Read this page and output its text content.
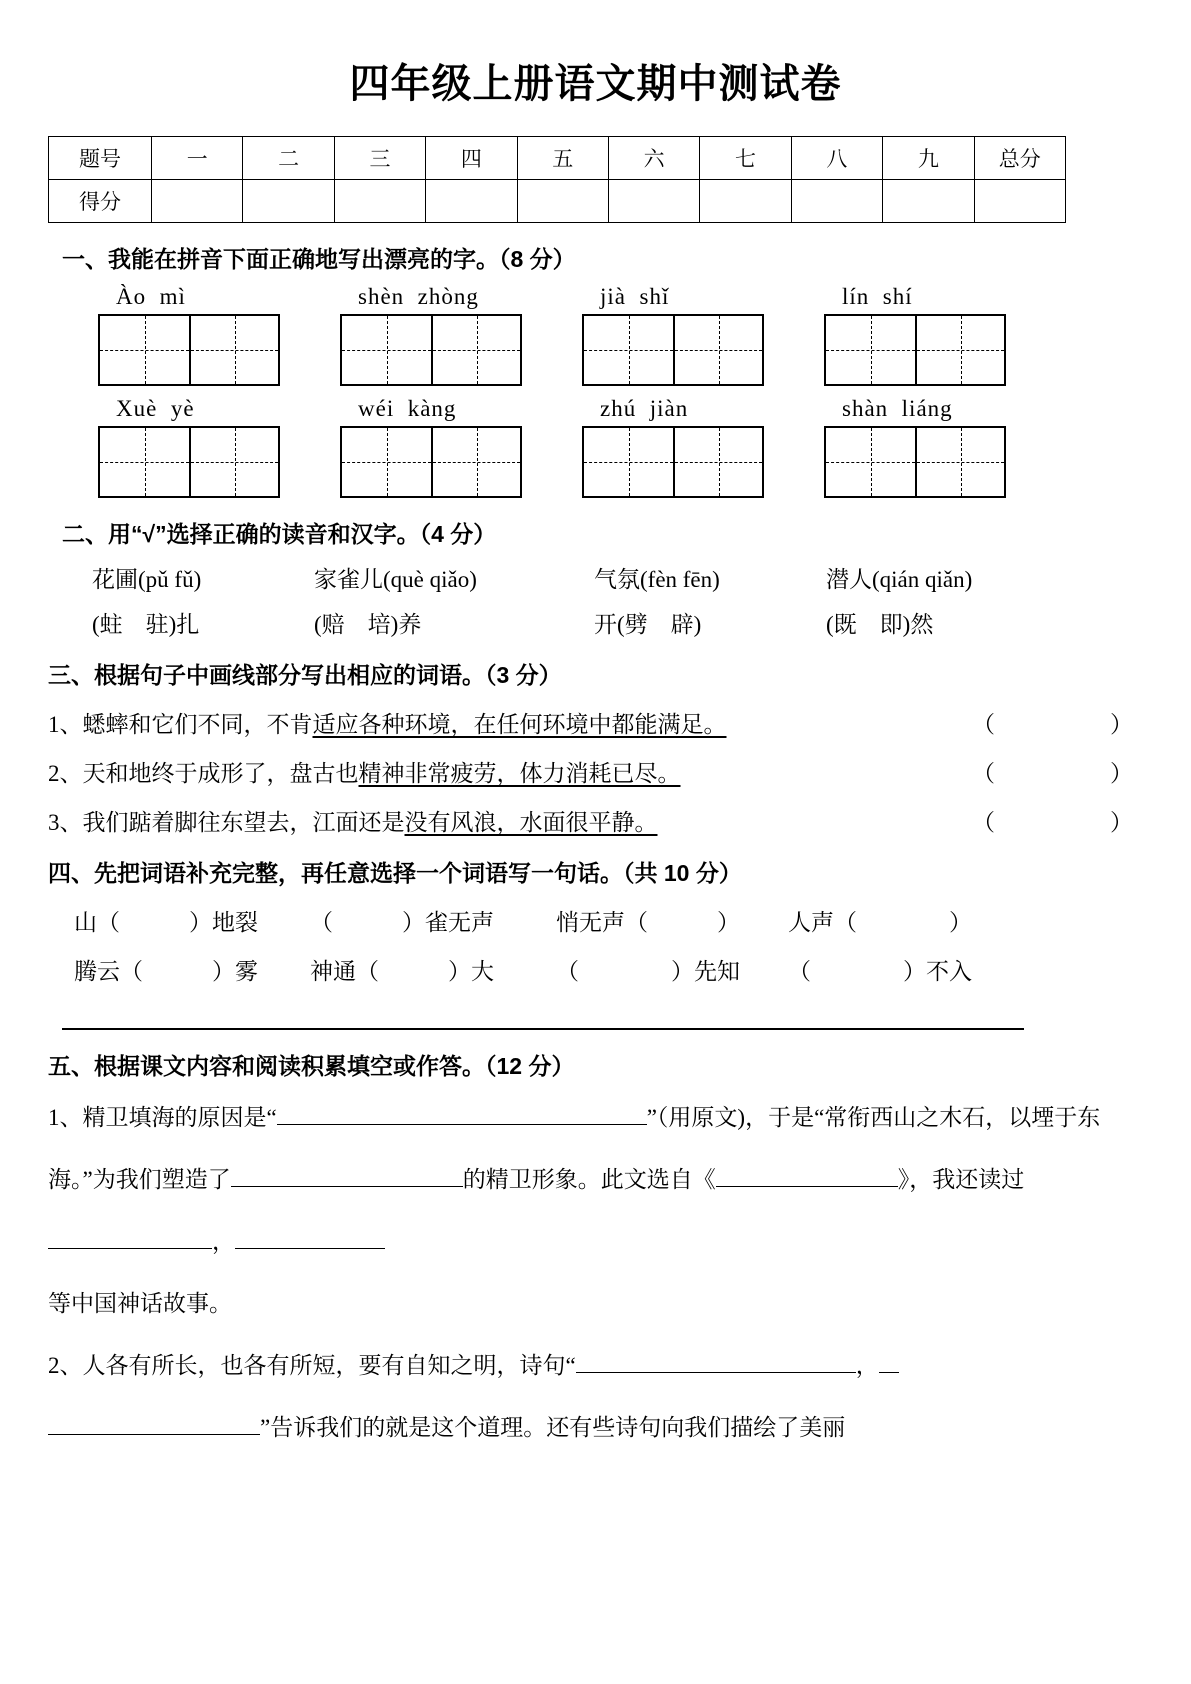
四年级上册语文期中测试卷
题号	一	二	三	四	五	六	七	八	九	总分
得分										
一、我能在拼音下面正确地写出漂亮的字。（8 分）
Ào  mì	shèn  zhòng	jià  shǐ	lín  shí
Xuè  yè	wéi  kàng	zhú  jiàn	shàn  liáng
二、用“√”选择正确的读音和汉字。（4 分）
花圃(pǔ fǔ)	家雀儿(què qiǎo)	气氛(fèn fēn)	潜人(qián qiǎn)
(蛀　驻)扎	(赔　培)养	开(劈　辟)	(既　即)然
三、根据句子中画线部分写出相应的词语。（3 分）
1、 蟋蟀和它们不同，不肯 适应各种环境，在任何环境中都能满足。	（　　　　　）
2、 天和地终于成形了，盘古也 精神非常疲劳，体力消耗已尽。	（　　　　　）
3、 我们踮着脚往东望去，江面还是 没有风浪，水面很平静。	（　　　　　）
四、先把词语补充完整，再任意选择一个词语写一句话。（共 10 分）
山（　　　）地裂	（　　　）雀无声	悄无声（　　　）	人声（　　　　）
腾云（　　　）雾	神通（　　　）大	（　　　　）先知	（　　　　）不入
五、根据课文内容和阅读积累填空或作答。（12 分）
1、精卫填海的原因是“	”（用原文)，于是“常衔西山之木石，以堙于东海。”为我们塑造了	的精卫形象。此文选自《	》，我还读过，
等中国神话故事。
2、人各有所长，也各有所短，要有自知之明，诗句“	，
”告诉我们的就是这个道理。还有些诗句向我们描绘了美丽
